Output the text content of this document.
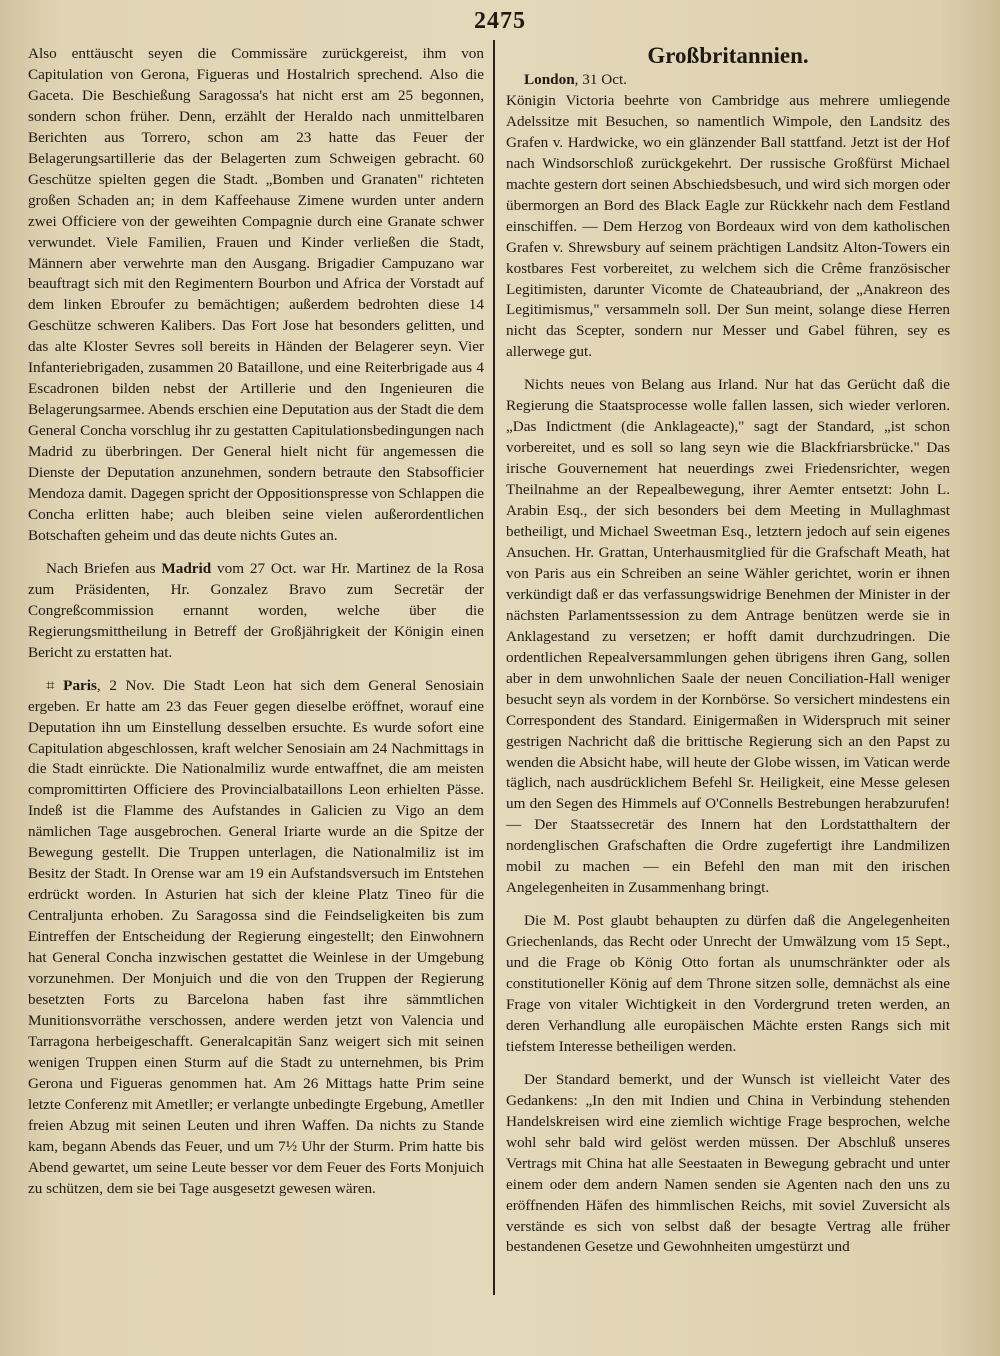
2475

Also enttäuscht seyen die Commissäre zurückgereist, ihm von Capitulation von Gerona, Figueras und Hostalrich sprechend. Also die Gaceta. Die Beschießung Saragossa's hat nicht erst am 25 begonnen, sondern schon früher. Denn, erzählt der Heraldo nach unmittelbaren Berichten aus Torrero, schon am 23 hatte das Feuer der Belagerungsartillerie das der Belagerten zum Schweigen gebracht. 60 Geschütze spielten gegen die Stadt. „Bomben und Granaten" richteten großen Schaden an; in dem Kaffeehause Zimene wurden unter andern zwei Officiere von der geweihten Compagnie durch eine Granate schwer verwundet. Viele Familien, Frauen und Kinder verließen die Stadt, Männern aber verwehrte man den Ausgang. Brigadier Campuzano war beauftragt sich mit den Regimentern Bourbon und Africa der Vorstadt auf dem linken Ebroufer zu bemächtigen; außerdem bedrohten diese 14 Geschütze schweren Kalibers. Das Fort Jose hat besonders gelitten, und das alte Kloster Sevres soll bereits in Händen der Belagerer seyn. Vier Infanteriebrigaden, zusammen 20 Bataillone, und eine Reiterbrigade aus 4 Escadronen bilden nebst der Artillerie und den Ingenieuren die Belagerungsarmee. Abends erschien eine Deputation aus der Stadt die dem General Concha vorschlug ihr zu gestatten Capitulationsbedingungen nach Madrid zu überbringen. Der General hielt nicht für angemessen die Dienste der Deputation anzunehmen, sondern betraute den Stabsofficier Mendoza damit. Dagegen spricht der Oppositionspresse von Schlappen die Concha erlitten habe; auch bleiben seine vielen außerordentlichen Botschaften geheim und das deute nichts Gutes an.

Nach Briefen aus Madrid vom 27 Oct. war Hr. Martinez de la Rosa zum Präsidenten, Hr. Gonzalez Bravo zum Secretär der Congreßcommission ernannt worden, welche über die Regierungsmittheilung in Betreff der Großjährigkeit der Königin einen Bericht zu erstatten hat.

⌗ Paris, 2 Nov. Die Stadt Leon hat sich dem General Senosiain ergeben. Er hatte am 23 das Feuer gegen dieselbe eröffnet, worauf eine Deputation ihn um Einstellung desselben ersuchte. Es wurde sofort eine Capitulation abgeschlossen, kraft welcher Senosiain am 24 Nachmittags in die Stadt einrückte. Die Nationalmiliz wurde entwaffnet, die am meisten compromittirten Officiere des Provincialbataillons Leon erhielten Pässe. Indeß ist die Flamme des Aufstandes in Galicien zu Vigo an dem nämlichen Tage ausgebrochen. General Iriarte wurde an die Spitze der Bewegung gestellt. Die Truppen unterlagen, die Nationalmiliz ist im Besitz der Stadt. In Orense war am 19 ein Aufstandsversuch im Entstehen erdrückt worden. In Asturien hat sich der kleine Platz Tineo für die Centraljunta erhoben. Zu Saragossa sind die Feindseligkeiten bis zum Eintreffen der Entscheidung der Regierung eingestellt; den Einwohnern hat General Concha inzwischen gestattet die Weinlese in der Umgebung vorzunehmen. Der Monjuich und die von den Truppen der Regierung besetzten Forts zu Barcelona haben fast ihre sämmtlichen Munitionsvorräthe verschossen, andere werden jetzt von Valencia und Tarragona herbeigeschafft. Generalcapitän Sanz weigert sich mit seinen wenigen Truppen einen Sturm auf die Stadt zu unternehmen, bis Prim Gerona und Figueras genommen hat. Am 26 Mittags hatte Prim seine letzte Conferenz mit Ametller; er verlangte unbedingte Ergebung, Ametller freien Abzug mit seinen Leuten und ihren Waffen. Da nichts zu Stande kam, begann Abends das Feuer, und um 7½ Uhr der Sturm. Prim hatte bis Abend gewartet, um seine Leute besser vor dem Feuer des Forts Monjuich zu schützen, dem sie bei Tage ausgesetzt gewesen wären.

Großbritannien.
London, 31 Oct.

Königin Victoria beehrte von Cambridge aus mehrere umliegende Adelssitze mit Besuchen, so namentlich Wimpole, den Landsitz des Grafen v. Hardwicke, wo ein glänzender Ball stattfand. Jetzt ist der Hof nach Windsorschloß zurückgekehrt. Der russische Großfürst Michael machte gestern dort seinen Abschiedsbesuch, und wird sich morgen oder übermorgen an Bord des Black Eagle zur Rückkehr nach dem Festland einschiffen. — Dem Herzog von Bordeaux wird von dem katholischen Grafen v. Shrewsbury auf seinem prächtigen Landsitz Alton-Towers ein kostbares Fest vorbereitet, zu welchem sich die Crême französischer Legitimisten, darunter Vicomte de Chateaubriand, der „Anakreon des Legitimismus," versammeln soll. Der Sun meint, solange diese Herren nicht das Scepter, sondern nur Messer und Gabel führen, sey es allerwege gut.

Nichts neues von Belang aus Irland. Nur hat das Gerücht daß die Regierung die Staatsprocesse wolle fallen lassen, sich wieder verloren. „Das Indictment (die Anklageacte)," sagt der Standard, „ist schon vorbereitet, und es soll so lang seyn wie die Blackfriarsbrücke." Das irische Gouvernement hat neuerdings zwei Friedensrichter, wegen Theilnahme an der Repealbewegung, ihrer Aemter entsetzt: John L. Arabin Esq., der sich besonders bei dem Meeting in Mullaghmast betheiligt, und Michael Sweetman Esq., letztern jedoch auf sein eigenes Ansuchen. Hr. Grattan, Unterhausmitglied für die Grafschaft Meath, hat von Paris aus ein Schreiben an seine Wähler gerichtet, worin er ihnen verkündigt daß er das verfassungswidrige Benehmen der Minister in der nächsten Parlamentssession zu dem Antrage benützen werde sie in Anklagestand zu versetzen; er hofft damit durchzudringen. Die ordentlichen Repealversammlungen gehen übrigens ihren Gang, sollen aber in dem unwohnlichen Saale der neuen Conciliation-Hall weniger besucht seyn als vordem in der Kornbörse. So versichert mindestens ein Correspondent des Standard. Einigermaßen in Widerspruch mit seiner gestrigen Nachricht daß die brittische Regierung sich an den Papst zu wenden die Absicht habe, will heute der Globe wissen, im Vatican werde täglich, nach ausdrücklichem Befehl Sr. Heiligkeit, eine Messe gelesen um den Segen des Himmels auf O'Connells Bestrebungen herabzurufen! — Der Staatssecretär des Innern hat den Lordstatthaltern der nordenglischen Grafschaften die Ordre zugefertigt ihre Landmilizen mobil zu machen — ein Befehl den man mit den irischen Angelegenheiten in Zusammenhang bringt.

Die M. Post glaubt behaupten zu dürfen daß die Angelegenheiten Griechenlands, das Recht oder Unrecht der Umwälzung vom 15 Sept., und die Frage ob König Otto fortan als unumschränkter oder als constitutioneller König auf dem Throne sitzen solle, demnächst als eine Frage von vitaler Wichtigkeit in den Vordergrund treten werden, an deren Verhandlung alle europäischen Mächte ersten Rangs sich mit tiefstem Interesse betheiligen werden.

Der Standard bemerkt, und der Wunsch ist vielleicht Vater des Gedankens: „In den mit Indien und China in Verbindung stehenden Handelskreisen wird eine ziemlich wichtige Frage besprochen, welche wohl sehr bald wird gelöst werden müssen. Der Abschluß unseres Vertrags mit China hat alle Seestaaten in Bewegung gebracht und unter einem oder dem andern Namen senden sie Agenten nach den uns zu eröffnenden Häfen des himmlischen Reichs, mit soviel Zuversicht als verstände es sich von selbst daß der besagte Vertrag alle früher bestandenen Gesetze und Gewohnheiten umgestürzt und
